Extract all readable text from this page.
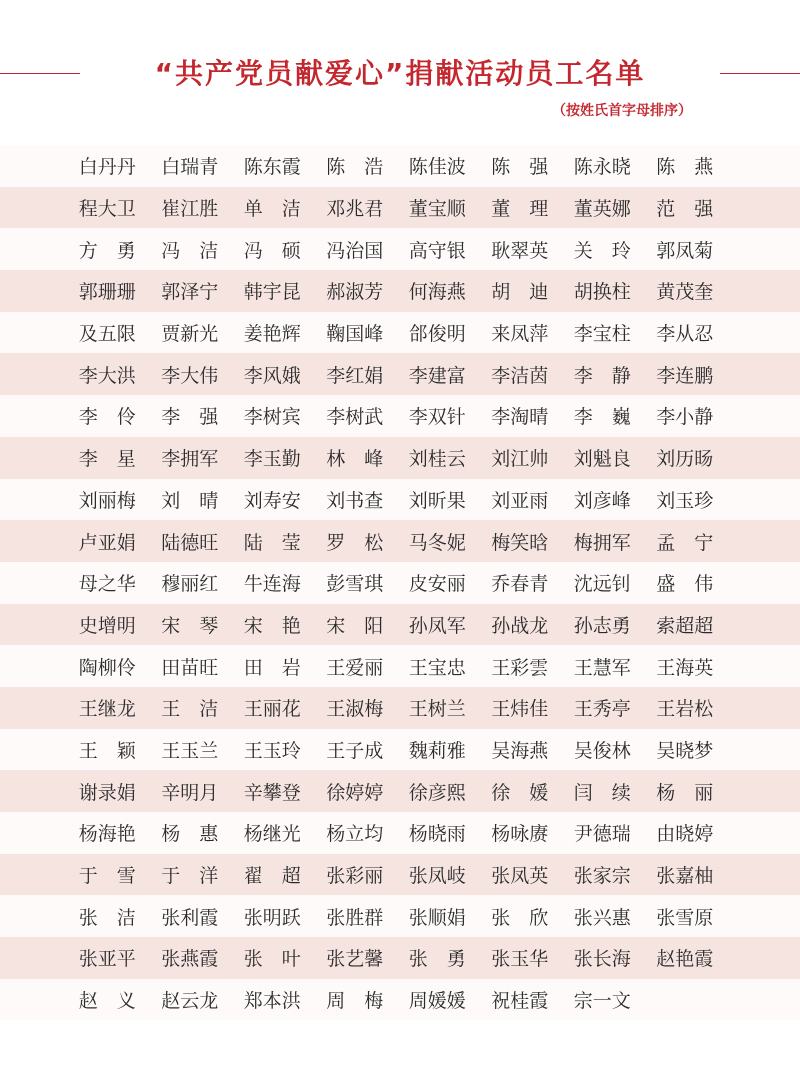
“共产党员献爱心”捐献活动员工名单
（按姓氏首字母排序）
白丹丹	白瑞青	陈东霞	陈　浩	陈佳波	陈　强	陈永晓	陈　燕
程大卫	崔江胜	单　洁	邓兆君	董宝顺	董　理	董英娜	范　强
方　勇	冯　洁	冯　硕	冯治国	高守银	耿翠英	关　玲	郭凤菊
郭珊珊	郭泽宁	韩宇昆	郝淑芳	何海燕	胡　迪	胡换柱	黄茂奎
及五限	贾新光	姜艳辉	鞠国峰	郃俊明	来凤萍	李宝柱	李从忍
李大洪	李大伟	李风娥	李红娟	李建富	李洁茵	李　静	李连鹏
李　伶	李　强	李树宾	李树武	李双针	李淘晴	李　巍	李小静
李　星	李拥军	李玉勤	林　峰	刘桂云	刘江帅	刘魁良	刘历旸
刘丽梅	刘　晴	刘寿安	刘书查	刘昕果	刘亚雨	刘彦峰	刘玉珍
卢亚娟	陆德旺	陆　莹	罗　松	马冬妮	梅笑晗	梅拥军	孟　宁
母之华	穆丽红	牛连海	彭雪琪	皮安丽	乔春青	沈远钊	盛　伟
史增明	宋　琴	宋　艳	宋　阳	孙凤军	孙战龙	孙志勇	索超超
陶柳伶	田苗旺	田　岩	王爱丽	王宝忠	王彩雲	王慧军	王海英
王继龙	王　洁	王丽花	王淑梅	王树兰	王炜佳	王秀亭	王岩松
王　颖	王玉兰	王玉玲	王子成	魏莉雅	吴海燕	吴俊林	吴晓梦
谢录娟	辛明月	辛攀登	徐婷婷	徐彦熙	徐　媛	闫　续	杨　丽
杨海艳	杨　惠	杨继光	杨立均	杨晓雨	杨咏赓	尹德瑞	由晓婷
于　雪	于　洋	翟　超	张彩丽	张凤岐	张凤英	张家宗	张嘉柚
张　洁	张利霞	张明跃	张胜群	张顺娟	张　欣	张兴惠	张雪原
张亚平	张燕霞	张　叶	张艺馨	张　勇	张玉华	张长海	赵艳霞
赵　义	赵云龙	郑本洪	周　梅	周媛媛	祝桂霞	宗一文
